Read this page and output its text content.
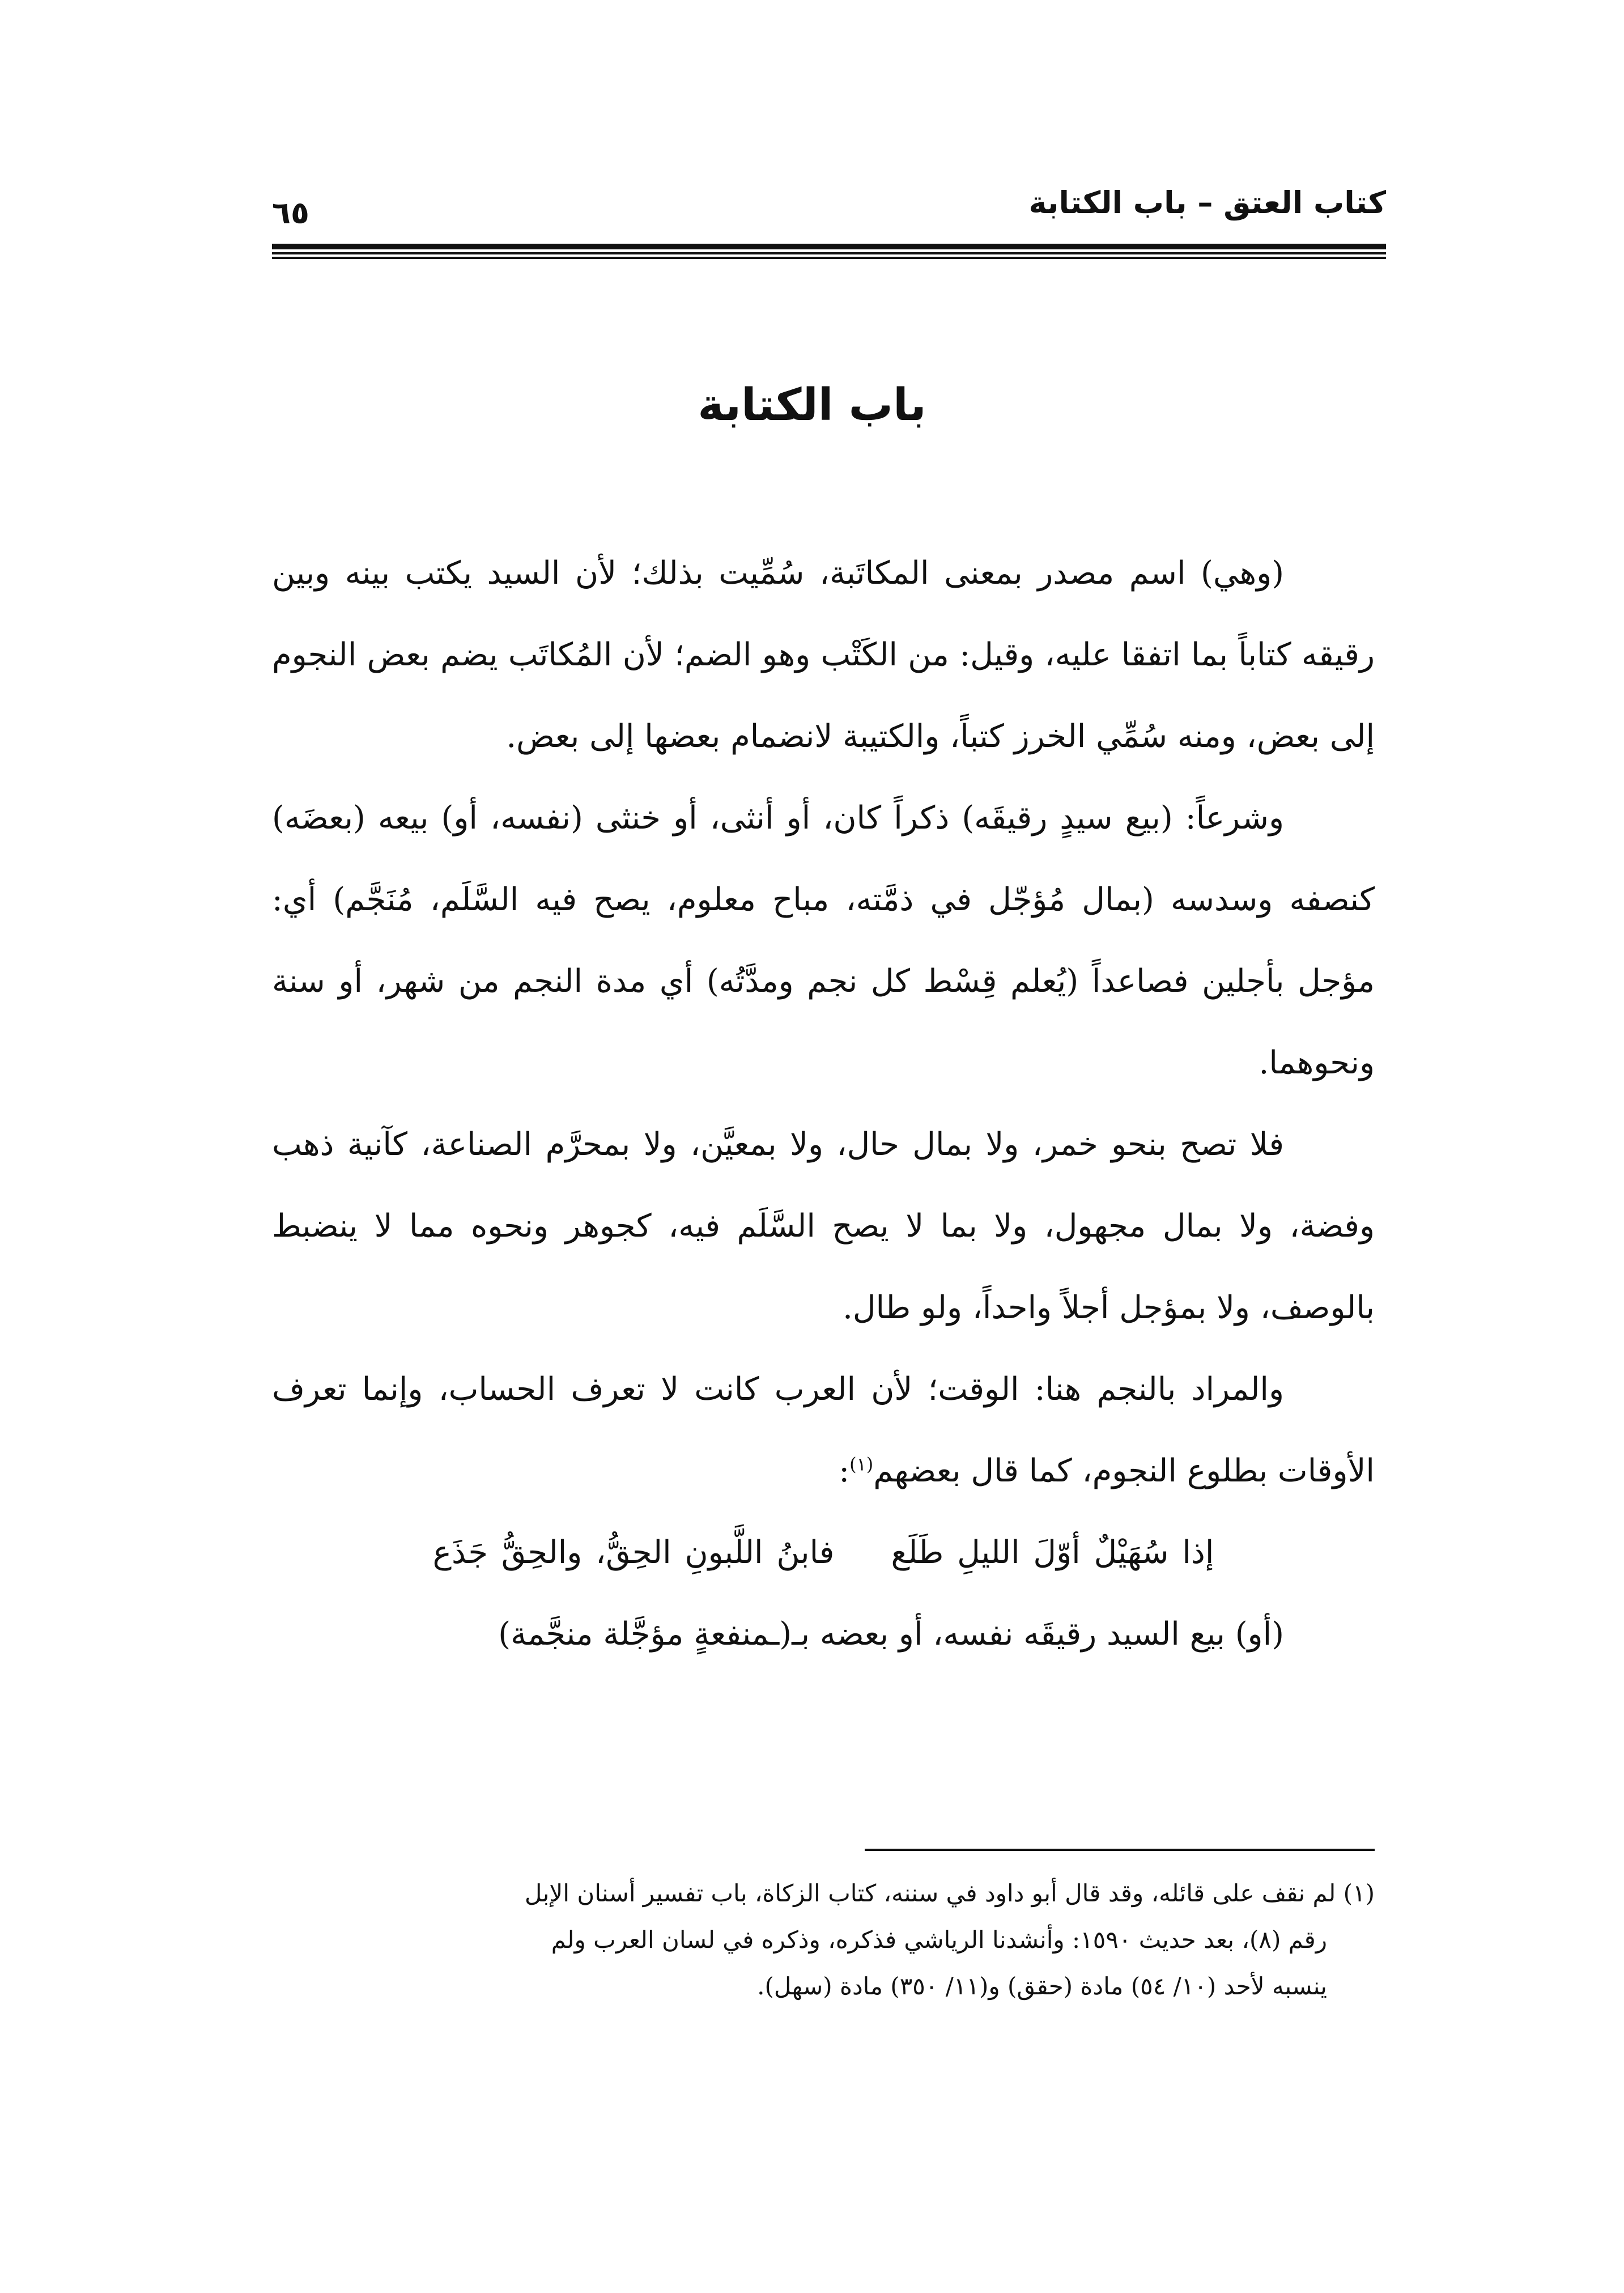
كتاب العتق – باب الكتابة
٦٥
باب الكتابة

(وهي) اسم مصدر بمعنى المكاتَبة، سُمِّيت بذلك؛ لأن السيد يكتب بينه وبين رقيقه كتاباً بما اتفقا عليه، وقيل: من الكَتْب وهو الضم؛ لأن المُكاتَب يضم بعض النجوم إلى بعض، ومنه سُمِّي الخرز كتباً، والكتيبة لانضمام بعضها إلى بعض.

وشرعاً: (بيع سيدٍ رقيقَه) ذكراً كان، أو أنثى، أو خنثى (نفسه، أو) بيعه (بعضَه) كنصفه وسدسه (بمال مُؤجّل في ذمَّته، مباح معلوم، يصح فيه السَّلَم، مُنَجَّم) أي: مؤجل بأجلين فصاعداً (يُعلم قِسْط كل نجم ومدَّتُه) أي مدة النجم من شهر، أو سنة ونحوهما.

فلا تصح بنحو خمر، ولا بمال حال، ولا بمعيَّن، ولا بمحرَّم الصناعة، كآنية ذهب وفضة، ولا بمال مجهول، ولا بما لا يصح السَّلَم فيه، كجوهر ونحوه مما لا ينضبط بالوصف، ولا بمؤجل أجلاً واحداً، ولو طال.

والمراد بالنجم هنا: الوقت؛ لأن العرب كانت لا تعرف الحساب، وإنما تعرف الأوقات بطلوع النجوم، كما قال بعضهم$^{(١)}$:

إذا سُهَيْلٌ أوّلَ الليلِ طَلَعفابنُ اللَّبونِ الحِقُّ، والحِقُّ جَذَع

(أو) بيع السيد رقيقَه نفسه، أو بعضه بـ(ـمنفعةٍ مؤجَّلة منجَّمة)

(١) لم نقف على قائله، وقد قال أبو داود في سننه، كتاب الزكاة، باب تفسير أسنان الإبل

رقم (٨)، بعد حديث ١٥٩٠: وأنشدنا الرياشي فذكره، وذكره في لسان العرب ولم

ينسبه لأحد (١٠/ ٥٤) مادة (حقق) و(١١/ ٣٥٠) مادة (سهل).
